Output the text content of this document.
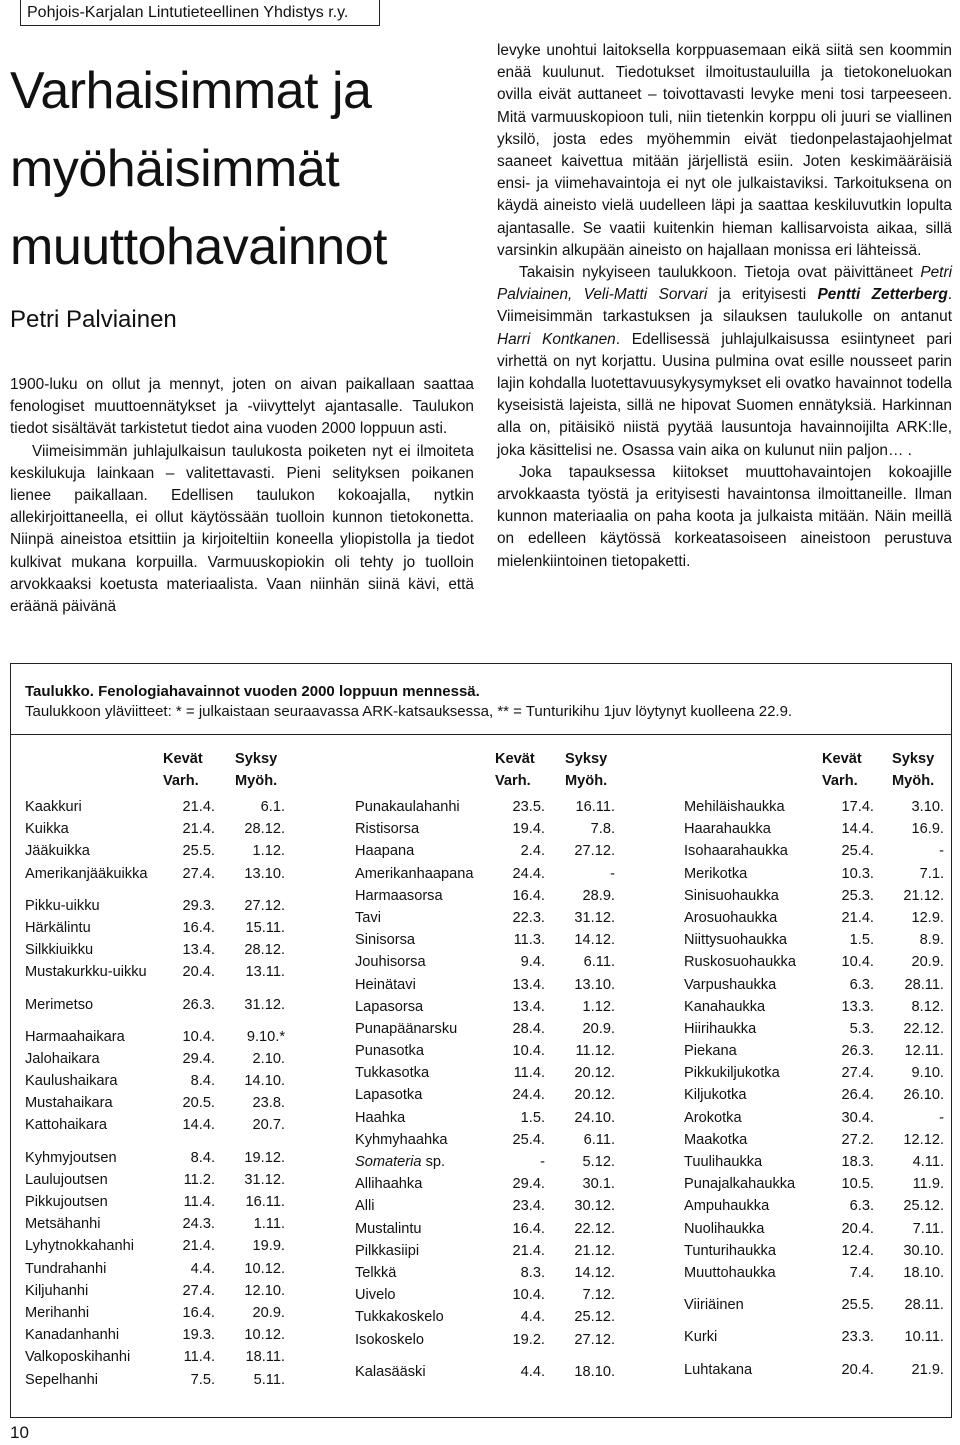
Pohjois-Karjalan Lintutieteellinen Yhdistys r.y.
Varhaisimmat ja
myöhäisimmät
muuttohavainnot
Petri Palviainen

1900-luku on ollut ja mennyt, joten on aivan paikallaan saattaa fenologiset muuttoennätykset ja -viivyttelyt ajantasalle. Taulukon tiedot sisältävät tarkistetut tiedot aina vuoden 2000 loppuun asti.

Viimeisimmän juhlajulkaisun taulukosta poiketen nyt ei ilmoiteta keskilukuja lainkaan – valitettavasti. Pieni selityksen poikanen lienee paikallaan. Edellisen taulukon kokoajalla, nytkin allekirjoittaneella, ei ollut käytössään tuolloin kunnon tietokonetta. Niinpä aineistoa etsittiin ja kirjoiteltiin koneella yliopistolla ja tiedot kulkivat mukana korpuilla. Varmuuskopiokin oli tehty jo tuolloin arvokkaaksi koetusta materiaalista. Vaan niinhän siinä kävi, että eräänä päivänä

levyke unohtui laitoksella korppuasemaan eikä siitä sen koommin enää kuulunut. Tiedotukset ilmoitustauluilla ja tietokoneluokan ovilla eivät auttaneet – toivottavasti levyke meni tosi tarpeeseen. Mitä varmuuskopioon tuli, niin tietenkin korppu oli juuri se viallinen yksilö, josta edes myöhemmin eivät tiedonpelastajaohjelmat saaneet kaivettua mitään järjellistä esiin. Joten keskimääräisiä ensi- ja viimehavaintoja ei nyt ole julkaistaviksi. Tarkoituksena on käydä aineisto vielä uudelleen läpi ja saattaa keskiluvutkin lopulta ajantasalle. Se vaatii kuitenkin hieman kallisarvoista aikaa, sillä varsinkin alkupään aineisto on hajallaan monissa eri lähteissä.

Takaisin nykyiseen taulukkoon. Tietoja ovat päivittäneet Petri Palviainen, Veli-Matti Sorvari ja erityisesti Pentti Zetterberg. Viimeisimmän tarkastuksen ja silauksen taulukolle on antanut Harri Kontkanen. Edellisessä juhlajulkaisussa esiintyneet pari virhettä on nyt korjattu. Uusina pulmina ovat esille nousseet parin lajin kohdalla luotettavuusykysymykset eli ovatko havainnot todella kyseisistä lajeista, sillä ne hipovat Suomen ennätyksiä. Harkinnan alla on, pitäisikö niistä pyytää lausuntoja havainnoijilta ARK:lle, joka käsittelisi ne. Osassa vain aika on kulunut niin paljon… .

Joka tapauksessa kiitokset muuttohavaintojen kokoajille arvokkaasta työstä ja erityisesti havaintonsa ilmoittaneille. Ilman kunnon materiaalia on paha koota ja julkaista mitään. Näin meillä on edelleen käytössä korkeatasoiseen aineistoon perustuva mielenkiintoinen tietopaketti.

Taulukko. Fenologiahavainnot vuoden 2000 loppuun mennessä.
Taulukkoon yläviitteet: * = julkaistaan seuraavassa ARK-katsauksessa, ** = Tunturikihu 1juv löytynyt kuolleena 22.9.
Kevät
Varh.
Syksy
Myöh.
Kaakkuri	21.4.	6.1.
Kuikka	21.4. 28.12.
Jääkuikka	25.5.	1.12.
Amerikanjääkuikka 27.4. 13.10.
Pikku-uikku	29.3. 27.12.
Härkälintu	16.4. 15.11.
Silkkiuikku	13.4. 28.12.
Mustakurkku-uikku 20.4. 13.11.
Merimetso	26.3. 31.12.
Harmaahaikara	10.4. 9.10.*
Jalohaikara	29.4.	2.10.
Kaulushaikara	8.4. 14.10.
Mustahaikara	20.5.	23.8.
Kattohaikara	14.4.	20.7.
Kyhmyjoutsen	8.4. 19.12.
Laulujoutsen	11.2. 31.12.
Pikkujoutsen	11.4. 16.11.
Metsähanhi	24.3.	1.11.
Lyhytnokkahanhi	21.4.	19.9.
Tundrahanhi	4.4. 10.12.
Kiljuhanhi	27.4. 12.10.
Merihanhi	16.4.	20.9.
Kanadanhanhi	19.3. 10.12.
Valkoposkihanhi	11.4. 18.11.
Sepelhanhi	7.5.	5.11.
Kevät
Varh.
Syksy
Myöh.
Punakaulahanhi	23.5. 16.11.
Ristisorsa	19.4.	7.8.
Haapana	2.4. 27.12.
Amerikanhaapana	24.4.	-
Harmaasorsa	16.4.	28.9.
Tavi	22.3. 31.12.
Sinisorsa	11.3. 14.12.
Jouhisorsa	9.4.	6.11.
Heinätavi	13.4. 13.10.
Lapasorsa	13.4.	1.12.
Punapäänarsku	28.4.	20.9.
Punasotka	10.4. 11.12.
Tukkasotka	11.4. 20.12.
Lapasotka	24.4. 20.12.
Haahka	1.5. 24.10.
Kyhmyhaahka	25.4.	6.11.
Somateria sp.	-	5.12.
Allihaahka	29.4.	30.1.
Alli	23.4. 30.12.
Mustalintu	16.4. 22.12.
Pilkkasiipi	21.4. 21.12.
Telkkä	8.3. 14.12.
Uivelo	10.4.	7.12.
Tukkakoskelo	4.4. 25.12.
Isokoskelo	19.2. 27.12.
Kalasääski	4.4. 18.10.
Kevät
Varh.
Syksy
Myöh.
Mehiläishaukka	17.4.	3.10.
Haarahaukka	14.4.	16.9.
Isohaarahaukka	25.4.	-
Merikotka	10.3.	7.1.
Sinisuohaukka	25.3. 21.12.
Arosuohaukka	21.4.	12.9.
Niittysuohaukka	1.5.	8.9.
Ruskosuohaukka	10.4.	20.9.
Varpushaukka	6.3. 28.11.
Kanahaukka	13.3.	8.12.
Hiirihaukka	5.3. 22.12.
Piekana	26.3. 12.11.
Pikkukiljukotka	27.4.	9.10.
Kiljukotka	26.4. 26.10.
Arokotka	30.4.	-
Maakotka	27.2. 12.12.
Tuulihaukka	18.3.	4.11.
Punajalkahaukka	10.5.	11.9.
Ampuhaukka	6.3. 25.12.
Nuolihaukka	20.4.	7.11.
Tunturihaukka	12.4. 30.10.
Muuttohaukka	7.4. 18.10.
Viiriäinen	25.5. 28.11.
Kurki	23.3. 10.11.
Luhtakana	20.4.	21.9.
10
